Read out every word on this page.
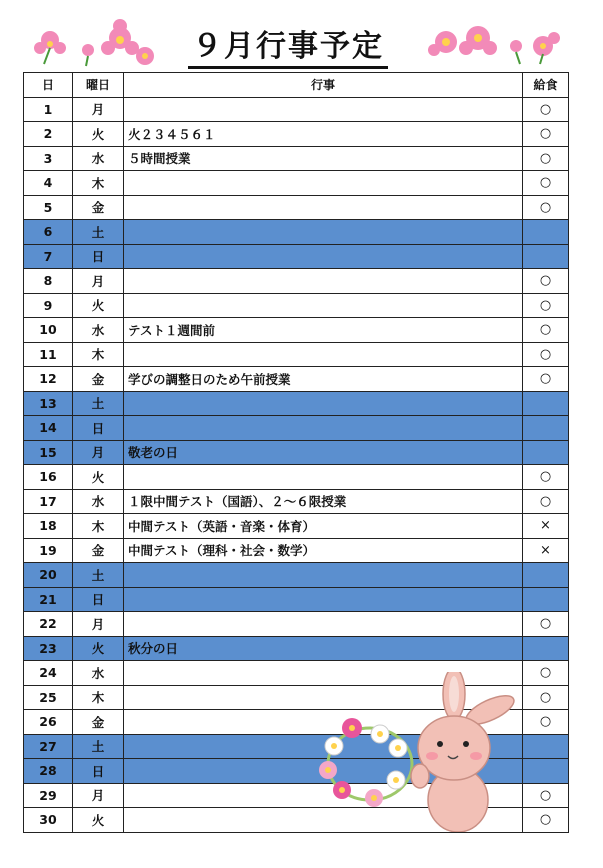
９月行事予定
日	曜日	行事	給食
1	月		○
2	火	火２３４５６１	○
3	水	５時間授業	○
4	木		○
5	金		○
6	土		
7	日		
8	月		○
9	火		○
10	水	テスト１週間前	○
11	木		○
12	金	学びの調整日のため午前授業	○
13	土		
14	日		
15	月	敬老の日	
16	火		○
17	水	１限中間テスト（国語）、２～６限授業	○
18	木	中間テスト（英語・音楽・体育）	×
19	金	中間テスト（理科・社会・数学）	×
20	土		
21	日		
22	月		○
23	火	秋分の日	
24	水		○
25	木		○
26	金		○
27	土		
28	日		
29	月		○
30	火		○
